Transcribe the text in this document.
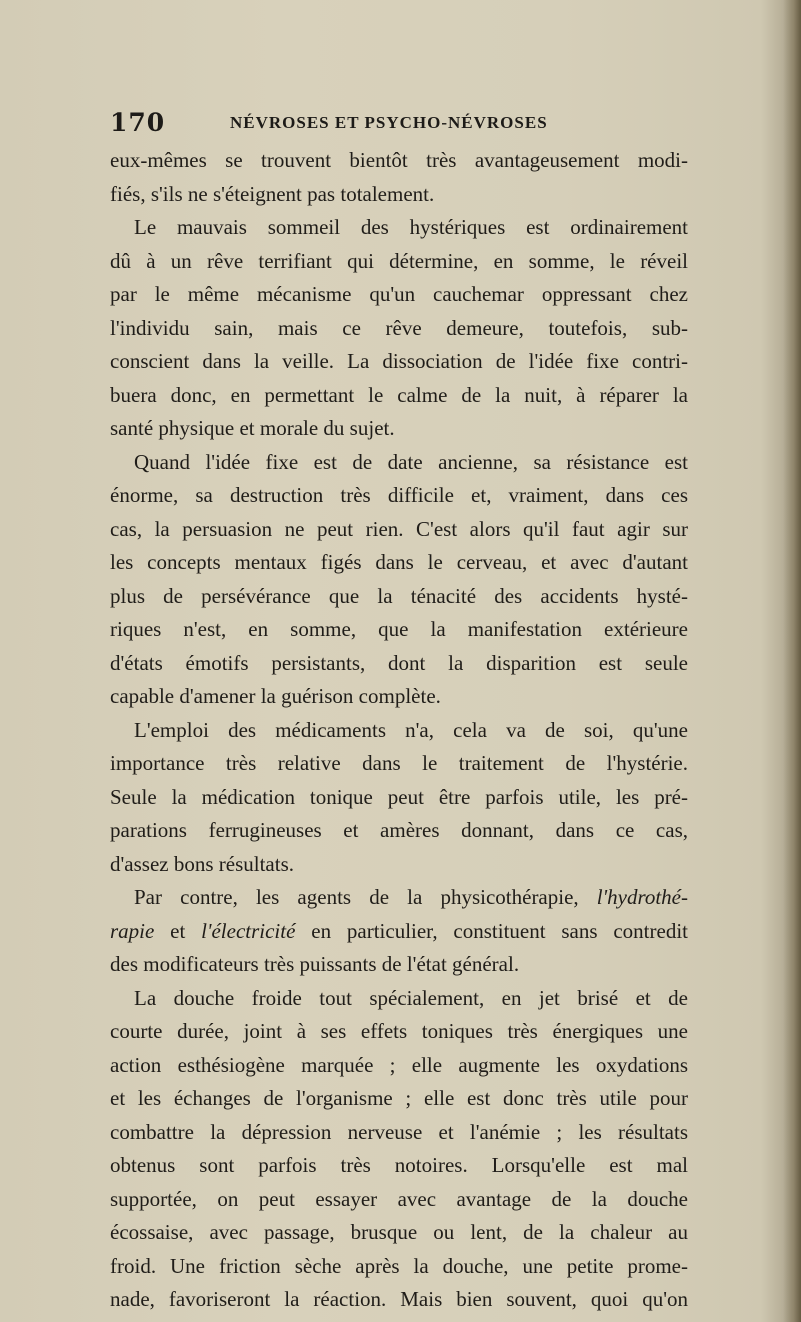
170	NÉVROSES ET PSYCHO-NÉVROSES
eux-mêmes se trouvent bientôt très avantageusement modi-
fiés, s'ils ne s'éteignent pas totalement.
Le mauvais sommeil des hystériques est ordinairement
dû à un rêve terrifiant qui détermine, en somme, le réveil
par le même mécanisme qu'un cauchemar oppressant chez
l'individu sain, mais ce rêve demeure, toutefois, sub-
conscient dans la veille. La dissociation de l'idée fixe contri-
buera donc, en permettant le calme de la nuit, à réparer la
santé physique et morale du sujet.
Quand l'idée fixe est de date ancienne, sa résistance est
énorme, sa destruction très difficile et, vraiment, dans ces
cas, la persuasion ne peut rien. C'est alors qu'il faut agir sur
les concepts mentaux figés dans le cerveau, et avec d'autant
plus de persévérance que la ténacité des accidents hysté-
riques n'est, en somme, que la manifestation extérieure
d'états émotifs persistants, dont la disparition est seule
capable d'amener la guérison complète.
L'emploi des médicaments n'a, cela va de soi, qu'une
importance très relative dans le traitement de l'hystérie.
Seule la médication tonique peut être parfois utile, les pré-
parations ferrugineuses et amères donnant, dans ce cas,
d'assez bons résultats.
Par contre, les agents de la physicothérapie, l'hydrothé-
rapie et l'électricité en particulier, constituent sans contredit
des modificateurs très puissants de l'état général.
La douche froide tout spécialement, en jet brisé et de
courte durée, joint à ses effets toniques très énergiques une
action esthésiogène marquée ; elle augmente les oxydations
et les échanges de l'organisme ; elle est donc très utile pour
combattre la dépression nerveuse et l'anémie ; les résultats
obtenus sont parfois très notoires. Lorsqu'elle est mal
supportée, on peut essayer avec avantage de la douche
écossaise, avec passage, brusque ou lent, de la chaleur au
froid. Une friction sèche après la douche, une petite prome-
nade, favoriseront la réaction. Mais bien souvent, quoi qu'on
